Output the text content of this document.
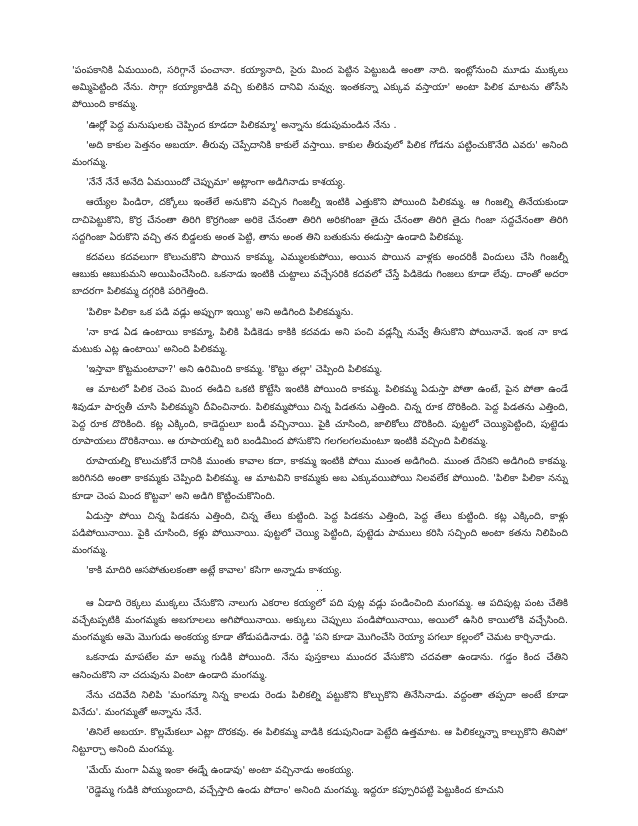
'పంపకానికి ఏమయింది, సరిగ్గానే పంచానా. కయ్యానాది, సైరు మింద పెట్టిన పెట్టుబడి అంతా నాది. ఇంట్లోనుంచి మూడు ముక్కలు అమ్మిపెట్టింది నేను. సొగ్గా కయ్యాకాడికి వచ్చి కులికిన దానివి నువ్వు. ఇంతకన్నా ఎక్కువ వస్తాయా' అంటా పిలిక మాటను తోసేసి పోయింది కాకమ్మ.

'ఊర్లో పెద్ద మనుషులకు చెప్పింద కూడదా పిలికమ్మా' అన్నాను కడుపుమండిన నేను .

'అది కాకుల పెత్తనం అబయా. తీరువు చెప్పేదానికి కాకులే వస్తాయి. కాకుల తీరువులో పిలిక గోడను పట్టించుకొనేది ఎవరు' అనింది మంగమ్మ.

'నేనే నేనే అనేది ఏమయిందో చెప్పుమా' అట్లాంగా అడిగినాడు కాశయ్య.

ఆయ్యేల పిండిరా, దక్కోలు ఇంతేలే అనుకొని వచ్చిన గింజల్నీ ఇంటికి ఎత్తుకొని పోయింది పిలికమ్మ. ఆ గింజల్ని తినేయకుండా దాచిపెట్టుకొని, కొర్ర చేనంతా తిరిగి కొర్రగింజా అరికె చేనంతా తిరిగి అరికగింజా తైదు చేనంతా తిరిగి తైదు గింజా సద్దచేనంతా తిరిగి సద్దగింజా ఏరుకొని వచ్చి తన బిడ్డలకు అంత పెట్టి, తాను అంత తిని బతుకును ఈడుస్తా ఉండాది పిలికమ్మ.

కదవలు కదవలుగా కొలుచుకొని పొయిన కాకమ్మ, ఎమ్ములకుపోయి, అయిన పొయిన వాళ్లకు అందరికీ విందులు చేసి గింజల్నీ ఆబుకు ఆబుకుమని అయిపించేసింది. ఒకనాడు ఇంటికి చుట్టాలు వచ్చేసరికి కదవలో చేస్తే పిడికెడు గింజలు కూడా లేవు. దాంతో అదరా బాదరగా పిలికమ్మ దగ్గరికి పరిగెత్తింది.

'పిలికా పిలికా ఒక పడి వడ్లు అప్పుగా ఇయ్యి' అని అడిగింది పిలికమ్మను.

'నా కాడ ఏడ ఉంటాయి కాకమ్మా, పిలికి పిడికెడు కాకికి కదవడు అని పంచి వడ్లన్నీ నువ్వే తీసుకొని పోయినావే. ఇంక నా కాడ మటుకు ఎట్ల ఉంటాయి' అనింది పిలికమ్మ.

'ఇస్తావా కొట్టమంటావా?' అని ఉరిమింది కాకమ్మ. 'కొట్టు తల్లా' చెప్పింది పిలికమ్మ.

ఆ మాటలో పిలిక చెంప మింద ఈడిచి ఒకటి కొట్టేసి ఇంటికి పోయింది కాకమ్మ. పిలికమ్మ ఏడుస్తా పోతా ఉంటే, పైన పోతా ఉండే శివుడూ పార్వతీ చూసి పిలికమ్మని దీవించినారు. పిలికమ్మపోయి చిన్న పిడతను ఎత్తింది. చిన్న రూక దొరికింది. పెద్ద పిడతను ఎత్తింది, పెద్ద రూక దొరికింది. కట్ల ఎక్కింది, కాడెద్దులూ బండీ వచ్చినాయి. పైకి చూసింది, జాలికోలు దొరికింది. పుట్టలో చెయ్యిపెట్టింది, పుట్టెడు రూపాయలు దొరికినాయి. ఆ రూపాయల్ని బరి బండిమింద పోసుకొని గలగలగలమంటూ ఇంటికి వచ్చింది పిలికమ్మ.

రూపాయల్ని కొలుచుకోనే దానికి ముంతు కావాల కదా, కాకమ్మ ఇంటికి పోయి ముంత అడిగింది. ముంత దేనికని అడిగింది కాకమ్మ. జరిగినది అంతా కాకమ్మకు చెప్పింది పిలికమ్మ. ఆ మాటవిని కాకమ్మకు అబ ఎక్కువయిపోయి నిలవలేక పోయింది. 'పిలికా పిలికా నన్ను కూడా చెంప మింద కొట్టవా' అని అడిగి కొట్టించుకొనింది.

ఏడుస్తా పోయి చిన్న పిడకను ఎత్తింది, చిన్న తేలు కుట్టింది. పెద్ద పిడకను ఎత్తింది, పెద్ద తేలు కుట్టింది. కట్ల ఎక్కింది, కాళ్లు పడిపోయినాయి. పైకి చూసింది, కళ్లు పోయినాయి. పుట్టలో చెయ్యి పెట్టింది, పుట్టెడు పాములు కరిసి సచ్చింది అంటా కతను నిలిపింది మంగమ్మ.

'కాకి మాదిరి ఆసపోతులకంతా అట్లే కావాల' కసిగా అన్నాడు కాశయ్య.

..

ఆ ఏడాది రెక్కలు ముక్కలు చేసుకొని నాలుగు ఎకరాల కయ్యలో పది పుట్ల వడ్లు పండించింది మంగమ్మ. ఆ పదిపుట్ల పంట చేతికి వచ్చేటప్పటికి మంగమ్మకు అబగూలలు అగిపోయినాయి. అక్కులు చెప్పులు పండిపోయినాయి, అయిలో ఉసిరి కాయిలోకి వచ్చేసింది. మంగమ్మకు ఆమె మొగుడు అంకయ్య కూడా తోడుపడినాడు. రెడ్డి 'పని కూడా మొగించేసి రెయ్యా పగలూ కల్లంలో చెమట కార్చినాడు.

ఒకనాడు మాపటేల మా అమ్మ గుడికి పోయింది. నేను పుస్తకాలు ముందర వేసుకొని చదవతా ఉండాను. గడ్డం కింద చేతిని ఆనించుకొని నా చదువును వింటా ఉండాది మంగమ్మ.

నేను చదివేది నిలిపి 'మంగమ్మా నిన్న కాలడు రెండు పిలికల్ని పట్టుకొని కొల్చుకొని తినేసినాడు. వద్దంతా తప్పదా అంటే కూడా వినేదు'. మంగమ్మతో అన్నాను నేనే.

'తినిలే అబయా. కొల్లమేకలూ ఎట్లా దొరకవు. ఈ పిలికమ్మ వాడికి కడుపునిండా పెట్టేది ఉత్తమాట. ఆ పిలికల్నన్నా కాల్చుకొని తినిపో' నిట్టూర్చా అనింది మంగమ్మ.

'మేయ్ మంగా ఏమ్మ ఇంకా ఈడ్నే ఉండావు' అంటా వచ్చినాడు అంకయ్య.

'రెడ్డెమ్మ గుడికి పోయ్యుందాది, వచ్చేస్తాది ఉండు పోదాం' అనింది మంగమ్మ. ఇద్దరూ కప్పూరిపట్టి పెట్టుకింద కూచుని
